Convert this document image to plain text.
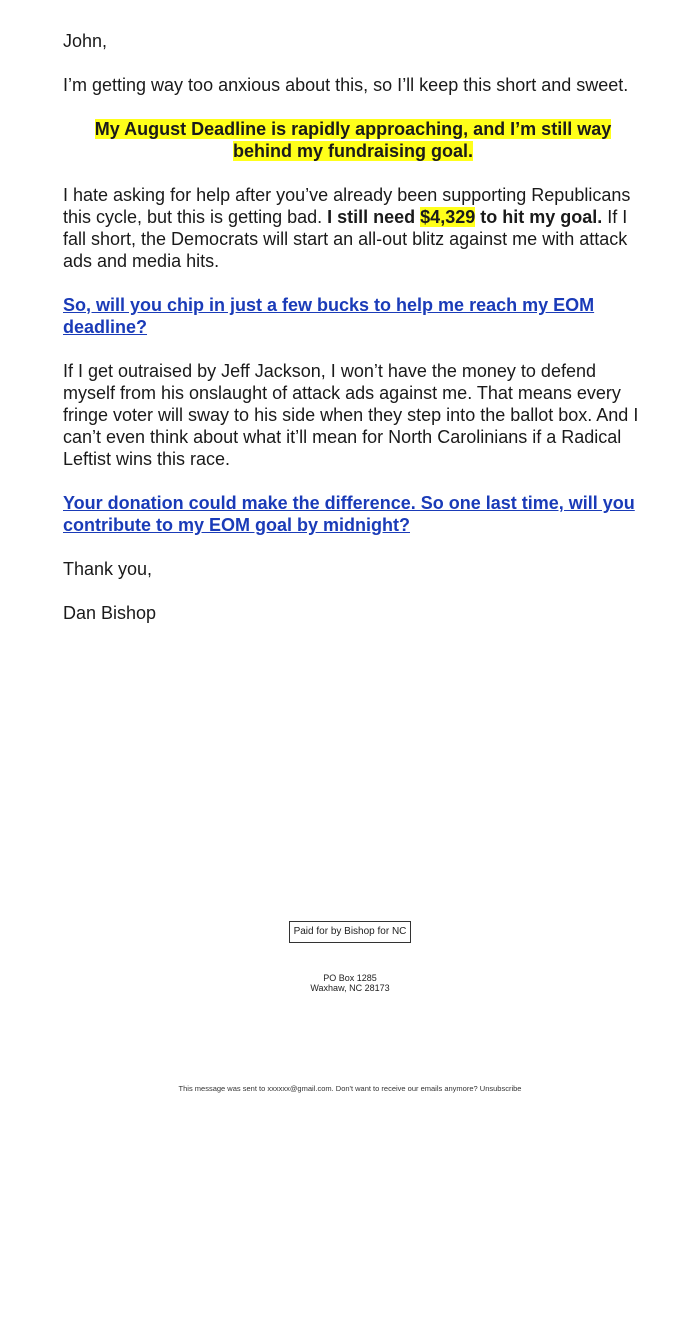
John,

I’m getting way too anxious about this, so I’ll keep this short and sweet.

My August Deadline is rapidly approaching, and I’m still way behind my fundraising goal.

I hate asking for help after you’ve already been supporting Republicans this cycle, but this is getting bad. I still need $4,329 to hit my goal. If I fall short, the Democrats will start an all-out blitz against me with attack ads and media hits.

So, will you chip in just a few bucks to help me reach my EOM deadline?

If I get outraised by Jeff Jackson, I won’t have the money to defend myself from his onslaught of attack ads against me. That means every fringe voter will sway to his side when they step into the ballot box. And I can’t even think about what it’ll mean for North Carolinians if a Radical Leftist wins this race.

Your donation could make the difference. So one last time, will you contribute to my EOM goal by midnight?

Thank you,

Dan Bishop

Paid for by Bishop for NC
PO Box 1285
Waxhaw, NC 28173
This message was sent to xxxxxx@gmail.com. Don't want to receive our emails anymore? Unsubscribe
